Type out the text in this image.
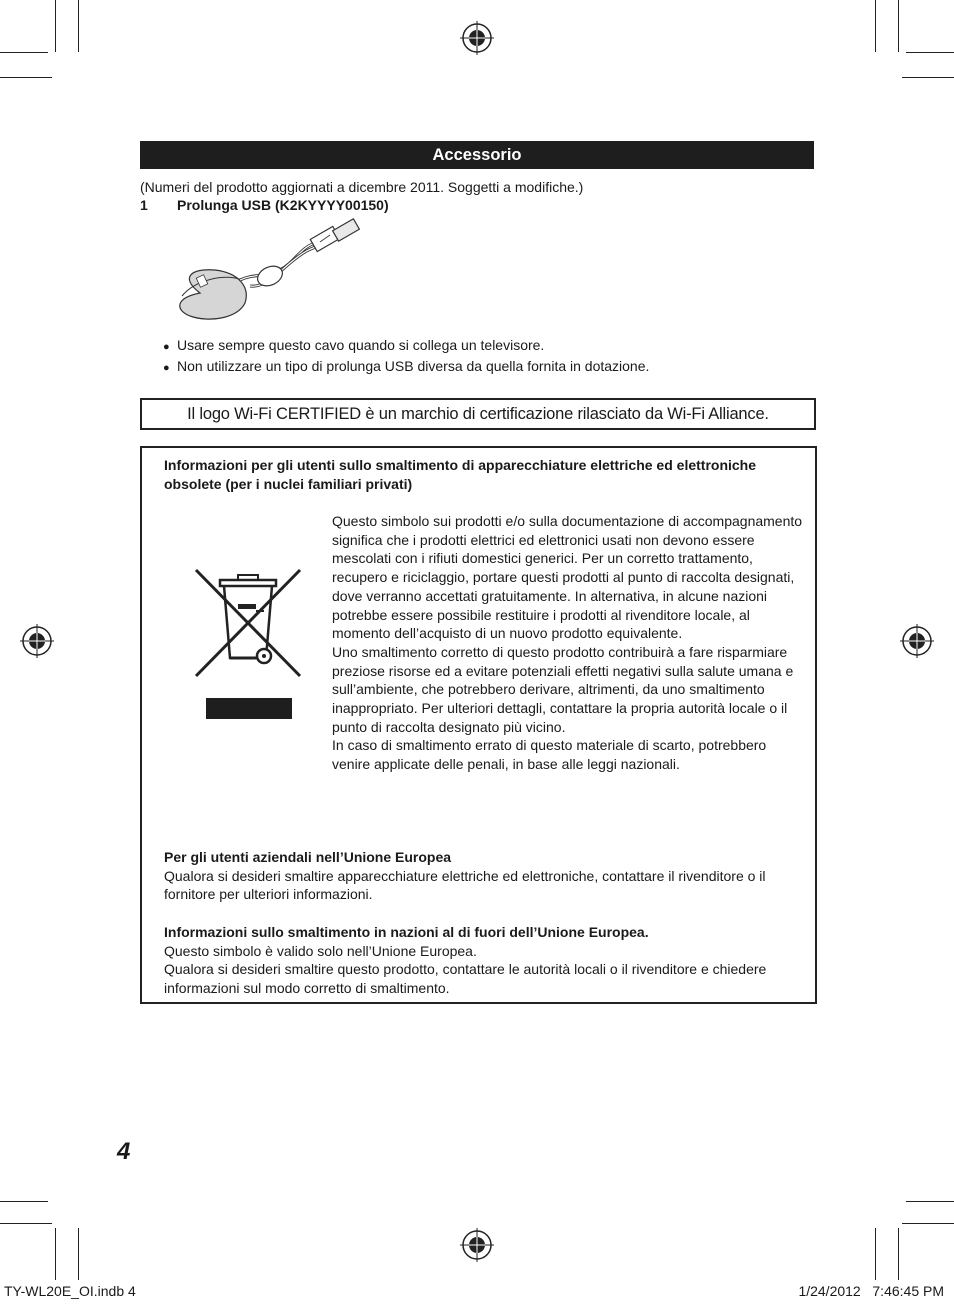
Accessorio
(Numeri del prodotto aggiornati a dicembre 2011. Soggetti a modifiche.)
1 Prolunga USB (K2KYYYY00150)
● Usare sempre questo cavo quando si collega un televisore.
● Non utilizzare un tipo di prolunga USB diversa da quella fornita in dotazione.
Il logo Wi-Fi CERTIFIED è un marchio di certificazione rilasciato da Wi-Fi Alliance.
Informazioni per gli utenti sullo smaltimento di apparecchiature elettriche ed elettroniche obsolete (per i nuclei familiari privati)

Questo simbolo sui prodotti e/o sulla documentazione di accompagnamento significa che i prodotti elettrici ed elettronici usati non devono essere mescolati con i rifiuti domestici generici. Per un corretto trattamento, recupero e riciclaggio, portare questi prodotti al punto di raccolta designati, dove verranno accettati gratuitamente. In alternativa, in alcune nazioni potrebbe essere possibile restituire i prodotti al rivenditore locale, al momento dell’acquisto di un nuovo prodotto equivalente.

Uno smaltimento corretto di questo prodotto contribuirà a fare risparmiare preziose risorse ed a evitare potenziali effetti negativi sulla salute umana e sull’ambiente, che potrebbero derivare, altrimenti, da uno smaltimento inappropriato. Per ulteriori dettagli, contattare la propria autorità locale o il punto di raccolta designato più vicino.

In caso di smaltimento errato di questo materiale di scarto, potrebbero venire applicate delle penali, in base alle leggi nazionali.

Per gli utenti aziendali nell’Unione Europea

Qualora si desideri smaltire apparecchiature elettriche ed elettroniche, contattare il rivenditore o il fornitore per ulteriori informazioni.

Informazioni sullo smaltimento in nazioni al di fuori dell’Unione Europea.

Questo simbolo è valido solo nell’Unione Europea.

Qualora si desideri smaltire questo prodotto, contattare le autorità locali o il rivenditore e chiedere informazioni sul modo corretto di smaltimento.

4
TY-WL20E_OI.indb 4	1/24/2012   7:46:45 PM
